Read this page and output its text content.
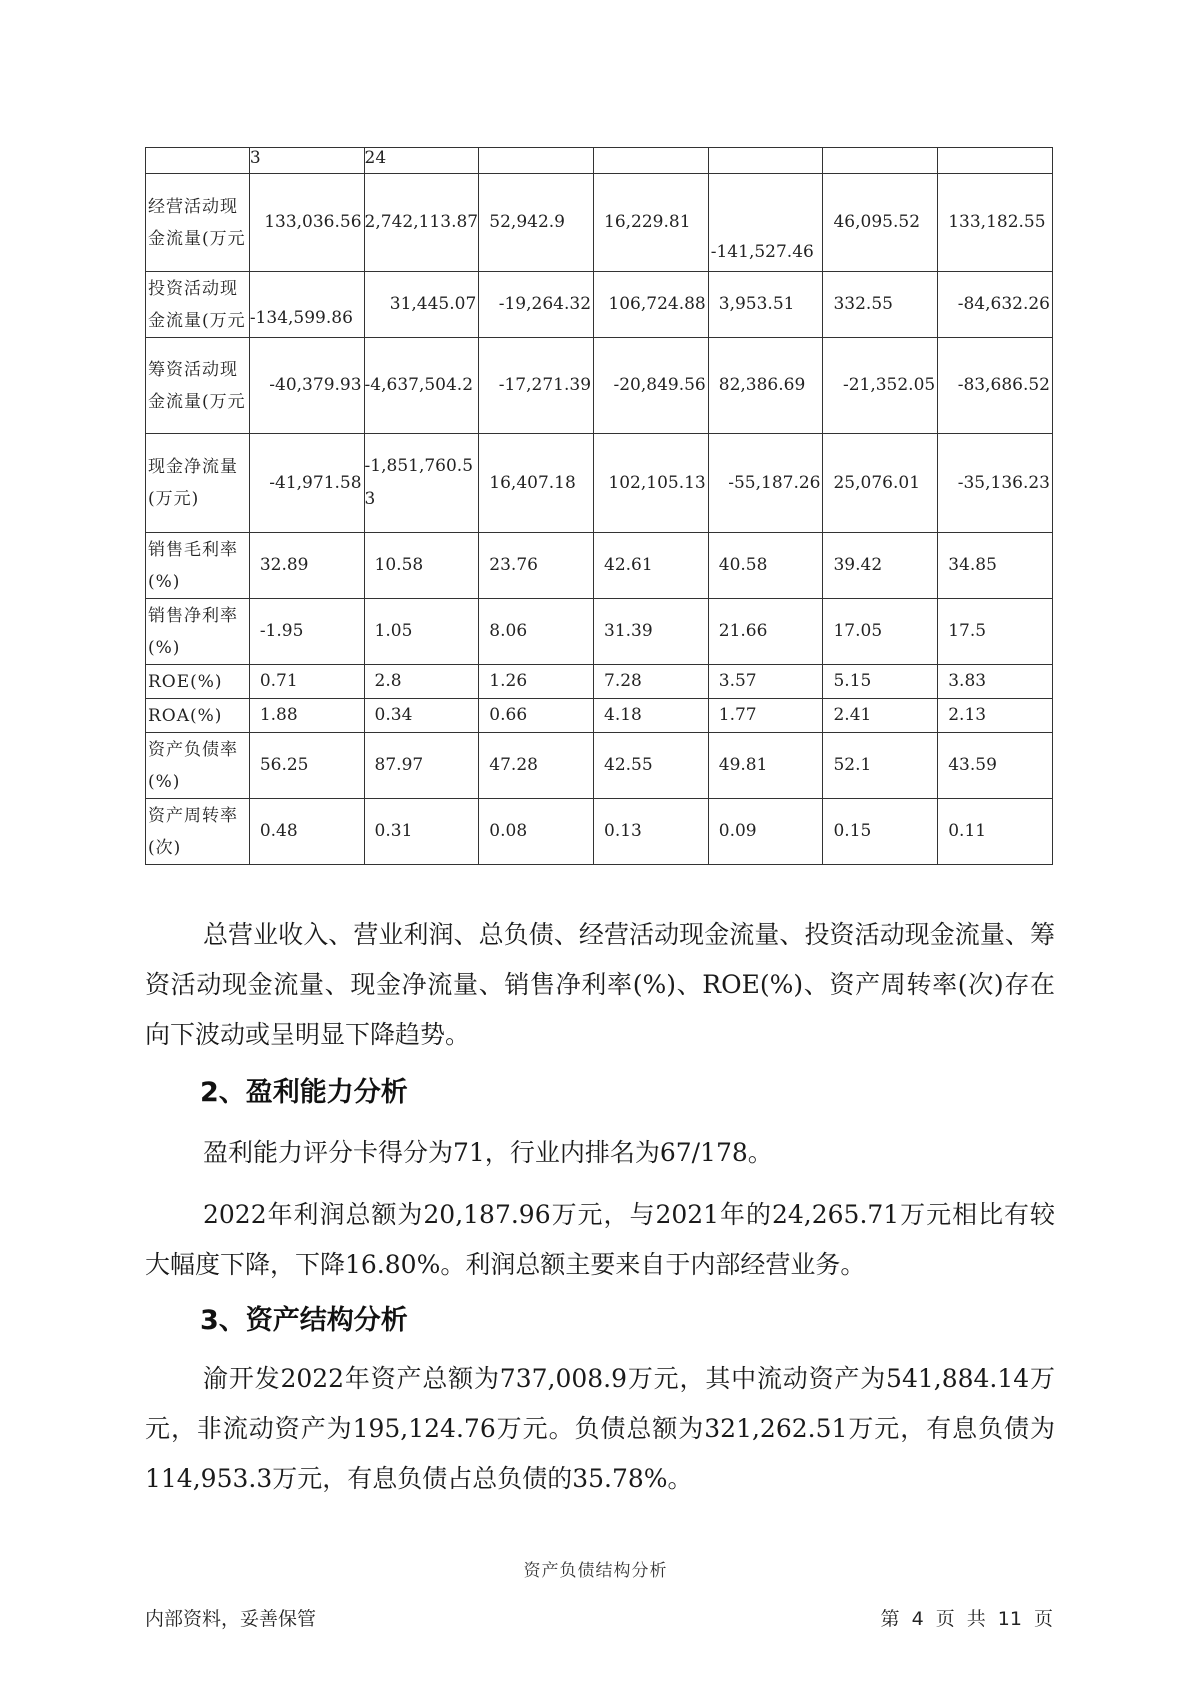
	3	24					
经营活动现金流量(万元	133,036.56	2,742,113.87	52,942.9	16,229.81	-141,527.46	46,095.52	133,182.55
投资活动现金流量(万元	-134,599.86	31,445.07	-19,264.32	106,724.88	3,953.51	332.55	-84,632.26
筹资活动现金流量(万元	-40,379.93	-4,637,504.2	-17,271.39	-20,849.56	82,386.69	-21,352.05	-83,686.52
现金净流量(万元)	-41,971.58	-1,851,760.53	16,407.18	102,105.13	-55,187.26	25,076.01	-35,136.23
销售毛利率(%)	32.89	10.58	23.76	42.61	40.58	39.42	34.85
销售净利率(%)	-1.95	1.05	8.06	31.39	21.66	17.05	17.5
ROE(%)	0.71	2.8	1.26	7.28	3.57	5.15	3.83
ROA(%)	1.88	0.34	0.66	4.18	1.77	2.41	2.13
资产负债率(%)	56.25	87.97	47.28	42.55	49.81	52.1	43.59
资产周转率(次)	0.48	0.31	0.08	0.13	0.09	0.15	0.11

总营业收入、营业利润、总负债、经营活动现金流量、投资活动现金流量、筹资活动现金流量、现金净流量、销售净利率(%)、ROE(%)、资产周转率(次)存在向下波动或呈明显下降趋势。

2、盈利能力分析

盈利能力评分卡得分为71，行业内排名为67/178。

2022年利润总额为20,187.96万元，与2021年的24,265.71万元相比有较大幅度下降，下降16.80%。利润总额主要来自于内部经营业务。

3、资产结构分析

渝开发2022年资产总额为737,008.9万元，其中流动资产为541,884.14万元，非流动资产为195,124.76万元。负债总额为321,262.51万元，有息负债为114,953.3万元，有息负债占总负债的35.78%。

资产负债结构分析
内部资料，妥善保管	第 4 页 共 11 页
